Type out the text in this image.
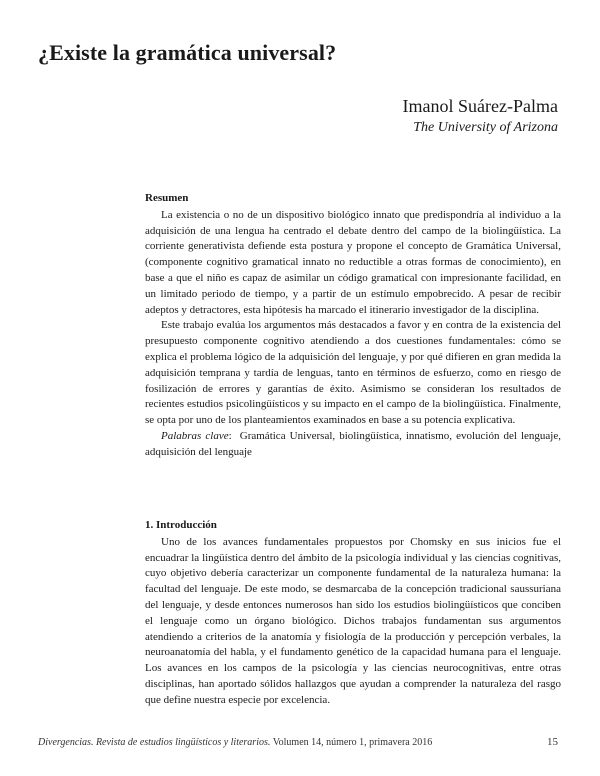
¿Existe la gramática universal?
Imanol Suárez-Palma
The University of Arizona
Resumen

La existencia o no de un dispositivo biológico innato que predispondría al individuo a la adquisición de una lengua ha centrado el debate dentro del campo de la biolingüística. La corriente generativista defiende esta postura y propone el concepto de Gramática Universal, (componente cognitivo gramatical innato no reductible a otras formas de conocimiento), en base a que el niño es capaz de asimilar un código gramatical con impresionante facilidad, en un limitado periodo de tiempo, y a partir de un estímulo empobrecido. A pesar de recibir adeptos y detractores, esta hipótesis ha marcado el itinerario investigador de la disciplina.

Este trabajo evalúa los argumentos más destacados a favor y en contra de la existencia del presupuesto componente cognitivo atendiendo a dos cuestiones fundamentales: cómo se explica el problema lógico de la adquisición del lenguaje, y por qué difieren en gran medida la adquisición temprana y tardía de lenguas, tanto en términos de esfuerzo, como en riesgo de fosilización de errores y garantías de éxito. Asimismo se consideran los resultados de recientes estudios psicolingüísticos y su impacto en el campo de la biolingüística. Finalmente, se opta por uno de los planteamientos examinados en base a su potencia explicativa.

Palabras clave:  Gramática Universal, biolingüística, innatismo, evolución del lenguaje, adquisición del lenguaje

1. Introducción

Uno de los avances fundamentales propuestos por Chomsky en sus inicios fue el encuadrar la lingüística dentro del ámbito de la psicología individual y las ciencias cognitivas, cuyo objetivo debería caracterizar un componente fundamental de la naturaleza humana: la facultad del lenguaje. De este modo, se desmarcaba de la concepción tradicional saussuriana del lenguaje, y desde entonces numerosos han sido los estudios biolingüísticos que conciben el lenguaje como un órgano biológico. Dichos trabajos fundamentan sus argumentos atendiendo a criterios de la anatomía y fisiología de la producción y percepción verbales, la neuroanatomía del habla, y el fundamento genético de la capacidad humana para el lenguaje. Los avances en los campos de la psicología y las ciencias neurocognitivas, entre otras disciplinas, han aportado sólidos hallazgos que ayudan a comprender la naturaleza del rasgo que define nuestra especie por excelencia.

Divergencias. Revista de estudios lingüísticos y literarios. Volumen 14, número 1, primavera 2016	15
